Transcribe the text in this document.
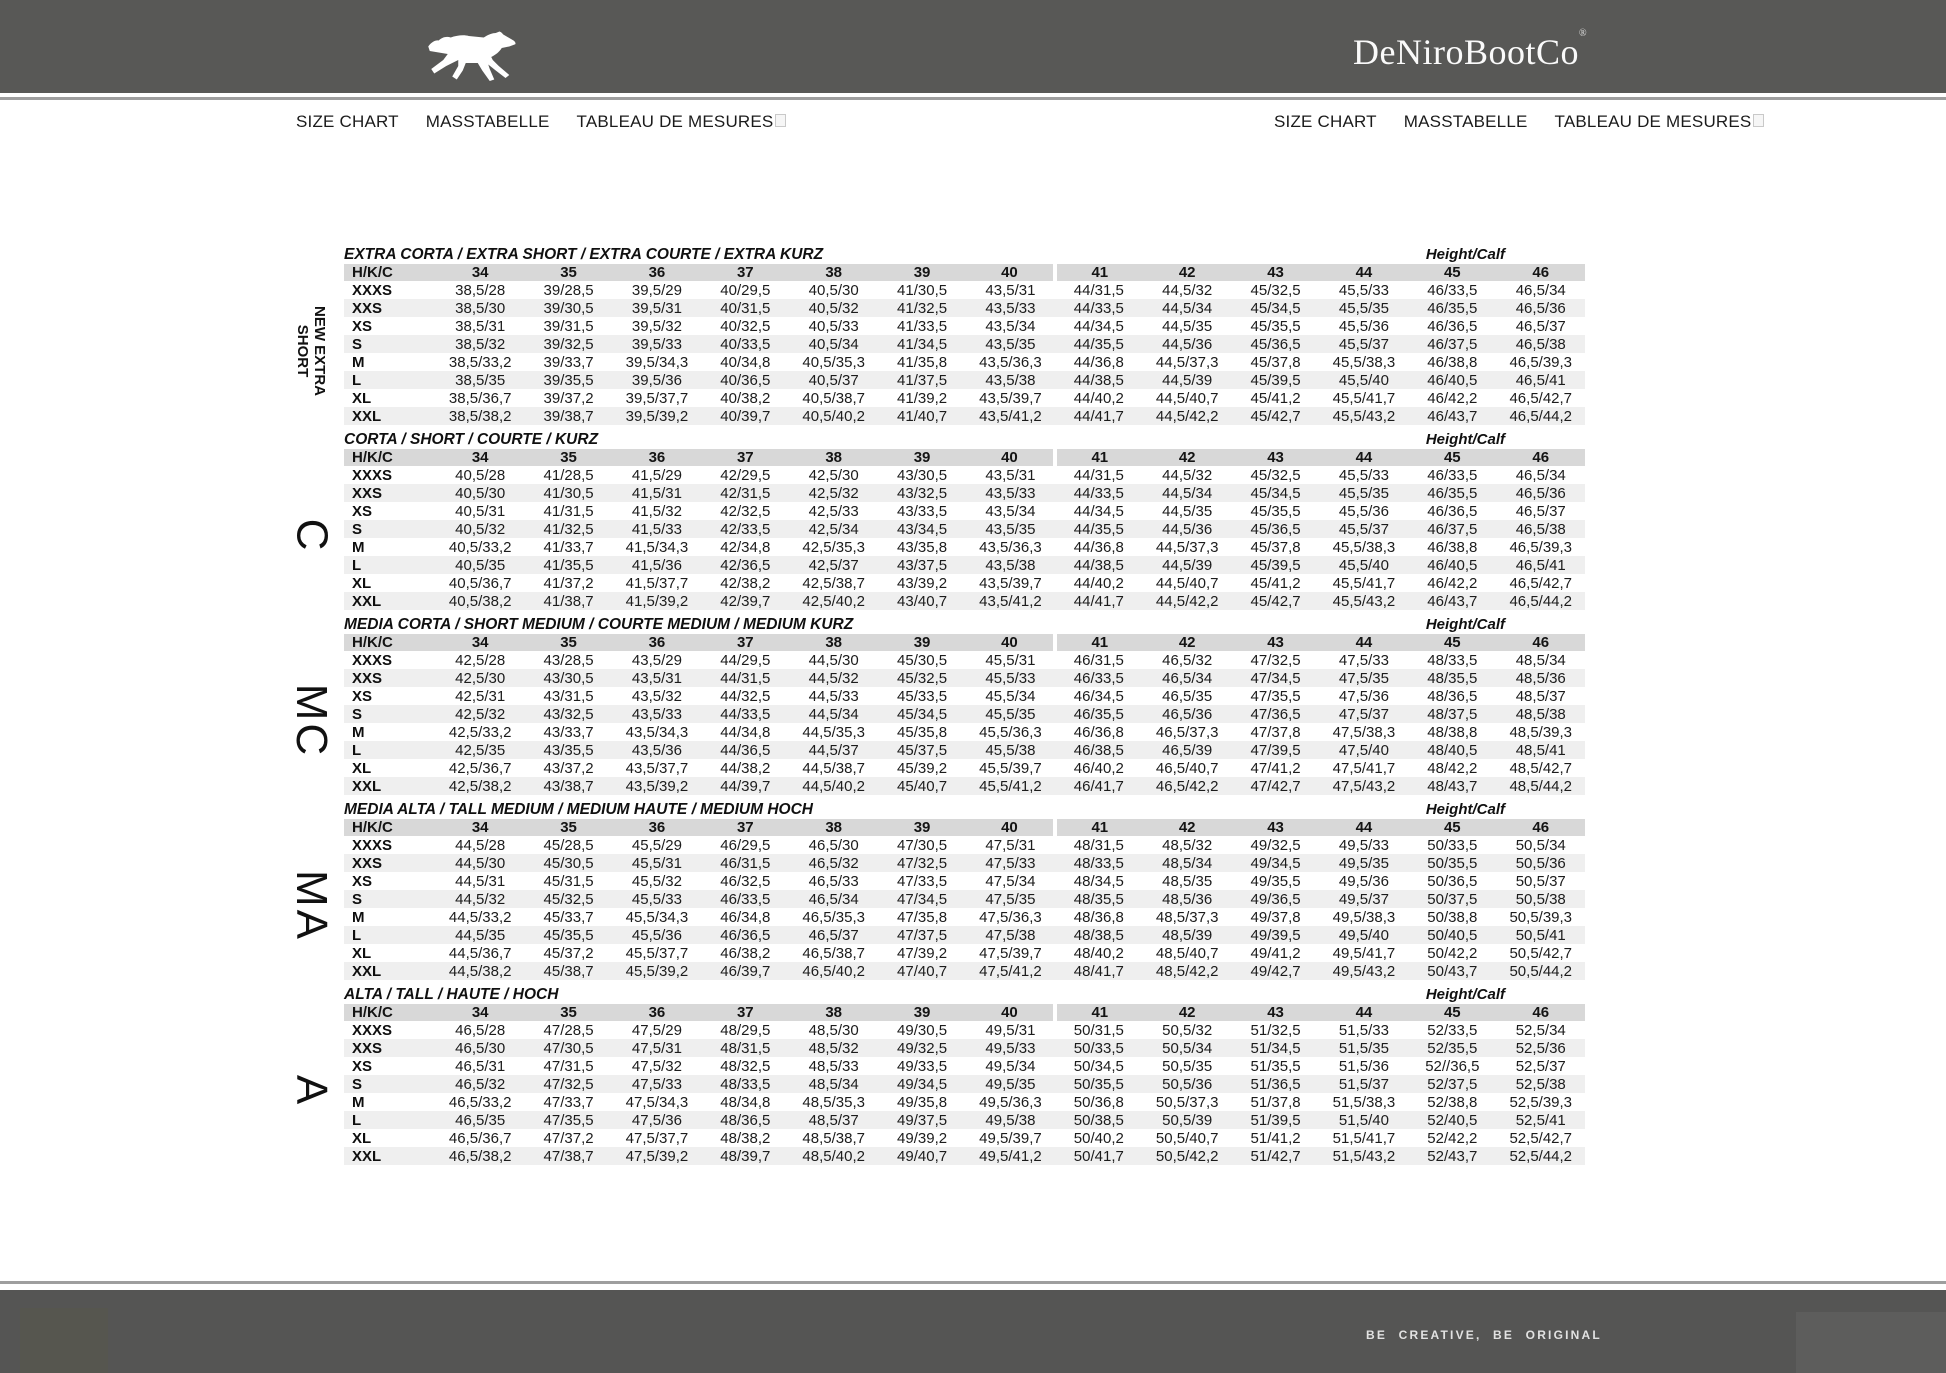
DeNiroBootCo®
SIZE CHART MASSTABELLE TABLEAU DE MESURES	SIZE CHART MASSTABELLE TABLEAU DE MESURES
NEW EXTRA
SHORT
EXTRA CORTA / EXTRA SHORT / EXTRA COURTE / EXTRA KURZ	Height/Calf
H/K/C	34	35	36	37	38	39	40	41	42	43	44	45	46
XXXS	38,5/28	39/28,5	39,5/29	40/29,5	40,5/30	41/30,5	43,5/31	44/31,5	44,5/32	45/32,5	45,5/33	46/33,5	46,5/34
XXS	38,5/30	39/30,5	39,5/31	40/31,5	40,5/32	41/32,5	43,5/33	44/33,5	44,5/34	45/34,5	45,5/35	46/35,5	46,5/36
XS	38,5/31	39/31,5	39,5/32	40/32,5	40,5/33	41/33,5	43,5/34	44/34,5	44,5/35	45/35,5	45,5/36	46/36,5	46,5/37
S	38,5/32	39/32,5	39,5/33	40/33,5	40,5/34	41/34,5	43,5/35	44/35,5	44,5/36	45/36,5	45,5/37	46/37,5	46,5/38
M	38,5/33,2	39/33,7	39,5/34,3	40/34,8	40,5/35,3	41/35,8	43,5/36,3	44/36,8	44,5/37,3	45/37,8	45,5/38,3	46/38,8	46,5/39,3
L	38,5/35	39/35,5	39,5/36	40/36,5	40,5/37	41/37,5	43,5/38	44/38,5	44,5/39	45/39,5	45,5/40	46/40,5	46,5/41
XL	38,5/36,7	39/37,2	39,5/37,7	40/38,2	40,5/38,7	41/39,2	43,5/39,7	44/40,2	44,5/40,7	45/41,2	45,5/41,7	46/42,2	46,5/42,7
XXL	38,5/38,2	39/38,7	39,5/39,2	40/39,7	40,5/40,2	41/40,7	43,5/41,2	44/41,7	44,5/42,2	45/42,7	45,5/43,2	46/43,7	46,5/44,2
C
CORTA / SHORT / COURTE / KURZ	Height/Calf
H/K/C	34	35	36	37	38	39	40	41	42	43	44	45	46
XXXS	40,5/28	41/28,5	41,5/29	42/29,5	42,5/30	43/30,5	43,5/31	44/31,5	44,5/32	45/32,5	45,5/33	46/33,5	46,5/34
XXS	40,5/30	41/30,5	41,5/31	42/31,5	42,5/32	43/32,5	43,5/33	44/33,5	44,5/34	45/34,5	45,5/35	46/35,5	46,5/36
XS	40,5/31	41/31,5	41,5/32	42/32,5	42,5/33	43/33,5	43,5/34	44/34,5	44,5/35	45/35,5	45,5/36	46/36,5	46,5/37
S	40,5/32	41/32,5	41,5/33	42/33,5	42,5/34	43/34,5	43,5/35	44/35,5	44,5/36	45/36,5	45,5/37	46/37,5	46,5/38
M	40,5/33,2	41/33,7	41,5/34,3	42/34,8	42,5/35,3	43/35,8	43,5/36,3	44/36,8	44,5/37,3	45/37,8	45,5/38,3	46/38,8	46,5/39,3
L	40,5/35	41/35,5	41,5/36	42/36,5	42,5/37	43/37,5	43,5/38	44/38,5	44,5/39	45/39,5	45,5/40	46/40,5	46,5/41
XL	40,5/36,7	41/37,2	41,5/37,7	42/38,2	42,5/38,7	43/39,2	43,5/39,7	44/40,2	44,5/40,7	45/41,2	45,5/41,7	46/42,2	46,5/42,7
XXL	40,5/38,2	41/38,7	41,5/39,2	42/39,7	42,5/40,2	43/40,7	43,5/41,2	44/41,7	44,5/42,2	45/42,7	45,5/43,2	46/43,7	46,5/44,2
MC
MEDIA CORTA / SHORT MEDIUM / COURTE MEDIUM / MEDIUM KURZ	Height/Calf
H/K/C	34	35	36	37	38	39	40	41	42	43	44	45	46
XXXS	42,5/28	43/28,5	43,5/29	44/29,5	44,5/30	45/30,5	45,5/31	46/31,5	46,5/32	47/32,5	47,5/33	48/33,5	48,5/34
XXS	42,5/30	43/30,5	43,5/31	44/31,5	44,5/32	45/32,5	45,5/33	46/33,5	46,5/34	47/34,5	47,5/35	48/35,5	48,5/36
XS	42,5/31	43/31,5	43,5/32	44/32,5	44,5/33	45/33,5	45,5/34	46/34,5	46,5/35	47/35,5	47,5/36	48/36,5	48,5/37
S	42,5/32	43/32,5	43,5/33	44/33,5	44,5/34	45/34,5	45,5/35	46/35,5	46,5/36	47/36,5	47,5/37	48/37,5	48,5/38
M	42,5/33,2	43/33,7	43,5/34,3	44/34,8	44,5/35,3	45/35,8	45,5/36,3	46/36,8	46,5/37,3	47/37,8	47,5/38,3	48/38,8	48,5/39,3
L	42,5/35	43/35,5	43,5/36	44/36,5	44,5/37	45/37,5	45,5/38	46/38,5	46,5/39	47/39,5	47,5/40	48/40,5	48,5/41
XL	42,5/36,7	43/37,2	43,5/37,7	44/38,2	44,5/38,7	45/39,2	45,5/39,7	46/40,2	46,5/40,7	47/41,2	47,5/41,7	48/42,2	48,5/42,7
XXL	42,5/38,2	43/38,7	43,5/39,2	44/39,7	44,5/40,2	45/40,7	45,5/41,2	46/41,7	46,5/42,2	47/42,7	47,5/43,2	48/43,7	48,5/44,2
MA
MEDIA ALTA / TALL MEDIUM / MEDIUM HAUTE / MEDIUM HOCH	Height/Calf
H/K/C	34	35	36	37	38	39	40	41	42	43	44	45	46
XXXS	44,5/28	45/28,5	45,5/29	46/29,5	46,5/30	47/30,5	47,5/31	48/31,5	48,5/32	49/32,5	49,5/33	50/33,5	50,5/34
XXS	44,5/30	45/30,5	45,5/31	46/31,5	46,5/32	47/32,5	47,5/33	48/33,5	48,5/34	49/34,5	49,5/35	50/35,5	50,5/36
XS	44,5/31	45/31,5	45,5/32	46/32,5	46,5/33	47/33,5	47,5/34	48/34,5	48,5/35	49/35,5	49,5/36	50/36,5	50,5/37
S	44,5/32	45/32,5	45,5/33	46/33,5	46,5/34	47/34,5	47,5/35	48/35,5	48,5/36	49/36,5	49,5/37	50/37,5	50,5/38
M	44,5/33,2	45/33,7	45,5/34,3	46/34,8	46,5/35,3	47/35,8	47,5/36,3	48/36,8	48,5/37,3	49/37,8	49,5/38,3	50/38,8	50,5/39,3
L	44,5/35	45/35,5	45,5/36	46/36,5	46,5/37	47/37,5	47,5/38	48/38,5	48,5/39	49/39,5	49,5/40	50/40,5	50,5/41
XL	44,5/36,7	45/37,2	45,5/37,7	46/38,2	46,5/38,7	47/39,2	47,5/39,7	48/40,2	48,5/40,7	49/41,2	49,5/41,7	50/42,2	50,5/42,7
XXL	44,5/38,2	45/38,7	45,5/39,2	46/39,7	46,5/40,2	47/40,7	47,5/41,2	48/41,7	48,5/42,2	49/42,7	49,5/43,2	50/43,7	50,5/44,2
A
ALTA / TALL / HAUTE / HOCH	Height/Calf
H/K/C	34	35	36	37	38	39	40	41	42	43	44	45	46
XXXS	46,5/28	47/28,5	47,5/29	48/29,5	48,5/30	49/30,5	49,5/31	50/31,5	50,5/32	51/32,5	51,5/33	52/33,5	52,5/34
XXS	46,5/30	47/30,5	47,5/31	48/31,5	48,5/32	49/32,5	49,5/33	50/33,5	50,5/34	51/34,5	51,5/35	52/35,5	52,5/36
XS	46,5/31	47/31,5	47,5/32	48/32,5	48,5/33	49/33,5	49,5/34	50/34,5	50,5/35	51/35,5	51,5/36	52//36,5	52,5/37
S	46,5/32	47/32,5	47,5/33	48/33,5	48,5/34	49/34,5	49,5/35	50/35,5	50,5/36	51/36,5	51,5/37	52/37,5	52,5/38
M	46,5/33,2	47/33,7	47,5/34,3	48/34,8	48,5/35,3	49/35,8	49,5/36,3	50/36,8	50,5/37,3	51/37,8	51,5/38,3	52/38,8	52,5/39,3
L	46,5/35	47/35,5	47,5/36	48/36,5	48,5/37	49/37,5	49,5/38	50/38,5	50,5/39	51/39,5	51,5/40	52/40,5	52,5/41
XL	46,5/36,7	47/37,2	47,5/37,7	48/38,2	48,5/38,7	49/39,2	49,5/39,7	50/40,2	50,5/40,7	51/41,2	51,5/41,7	52/42,2	52,5/42,7
XXL	46,5/38,2	47/38,7	47,5/39,2	48/39,7	48,5/40,2	49/40,7	49,5/41,2	50/41,7	50,5/42,2	51/42,7	51,5/43,2	52/43,7	52,5/44,2
BE CREATIVE, BE ORIGINAL
